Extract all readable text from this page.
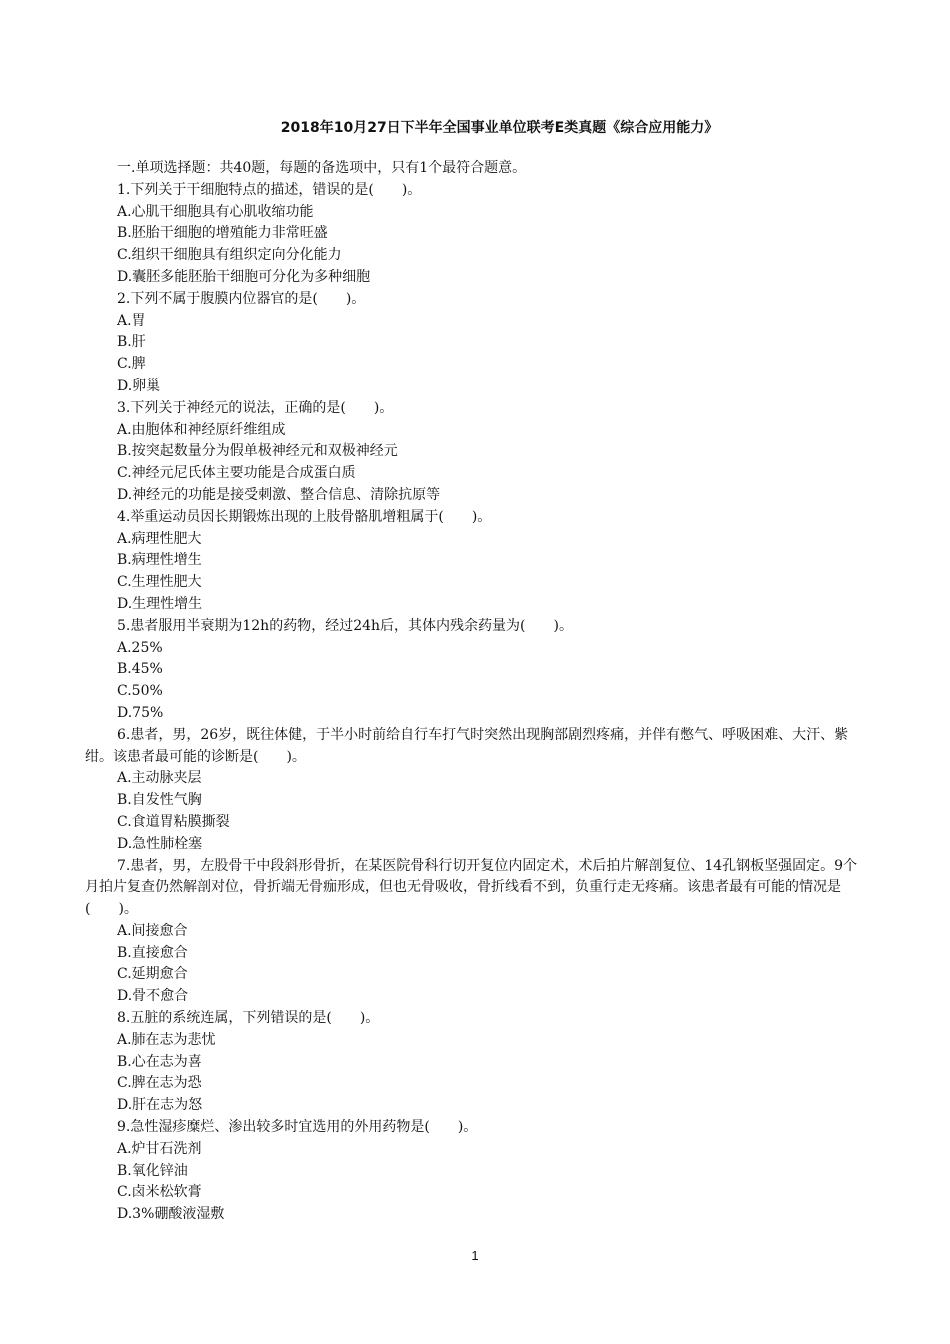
2018年10月27日下半年全国事业单位联考E类真题《综合应用能力》

一.单项选择题：共40题，每题的备选项中，只有1个最符合题意。

1.下列关于干细胞特点的描述，错误的是(　　)。

A.心肌干细胞具有心肌收缩功能

B.胚胎干细胞的增殖能力非常旺盛

C.组织干细胞具有组织定向分化能力

D.囊胚多能胚胎干细胞可分化为多种细胞

2.下列不属于腹膜内位器官的是(　　)。

A.胃

B.肝

C.脾

D.卵巢

3.下列关于神经元的说法，正确的是(　　)。

A.由胞体和神经原纤维组成

B.按突起数量分为假单极神经元和双极神经元

C.神经元尼氏体主要功能是合成蛋白质

D.神经元的功能是接受刺激、整合信息、清除抗原等

4.举重运动员因长期锻炼出现的上肢骨骼肌增粗属于(　　)。

A.病理性肥大

B.病理性增生

C.生理性肥大

D.生理性增生

5.患者服用半衰期为12h的药物，经过24h后，其体内残余药量为(　　)。

A.25%

B.45%

C.50%

D.75%

6.患者，男，26岁，既往体健，于半小时前给自行车打气时突然出现胸部剧烈疼痛，并伴有憋气、呼吸困难、大汗、紫绀。该患者最可能的诊断是(　　)。

A.主动脉夹层

B.自发性气胸

C.食道胃粘膜撕裂

D.急性肺栓塞

7.患者，男，左股骨干中段斜形骨折，在某医院骨科行切开复位内固定术，术后拍片解剖复位、14孔钢板坚强固定。9个月拍片复查仍然解剖对位，骨折端无骨痂形成，但也无骨吸收，骨折线看不到，负重行走无疼痛。该患者最有可能的情况是(　　)。

A.间接愈合

B.直接愈合

C.延期愈合

D.骨不愈合

8.五脏的系统连属，下列错误的是(　　)。

A.肺在志为悲忧

B.心在志为喜

C.脾在志为恐

D.肝在志为怒

9.急性湿疹糜烂、渗出较多时宜选用的外用药物是(　　)。

A.炉甘石洗剂

B.氧化锌油

C.卤米松软膏

D.3%硼酸液湿敷

1
